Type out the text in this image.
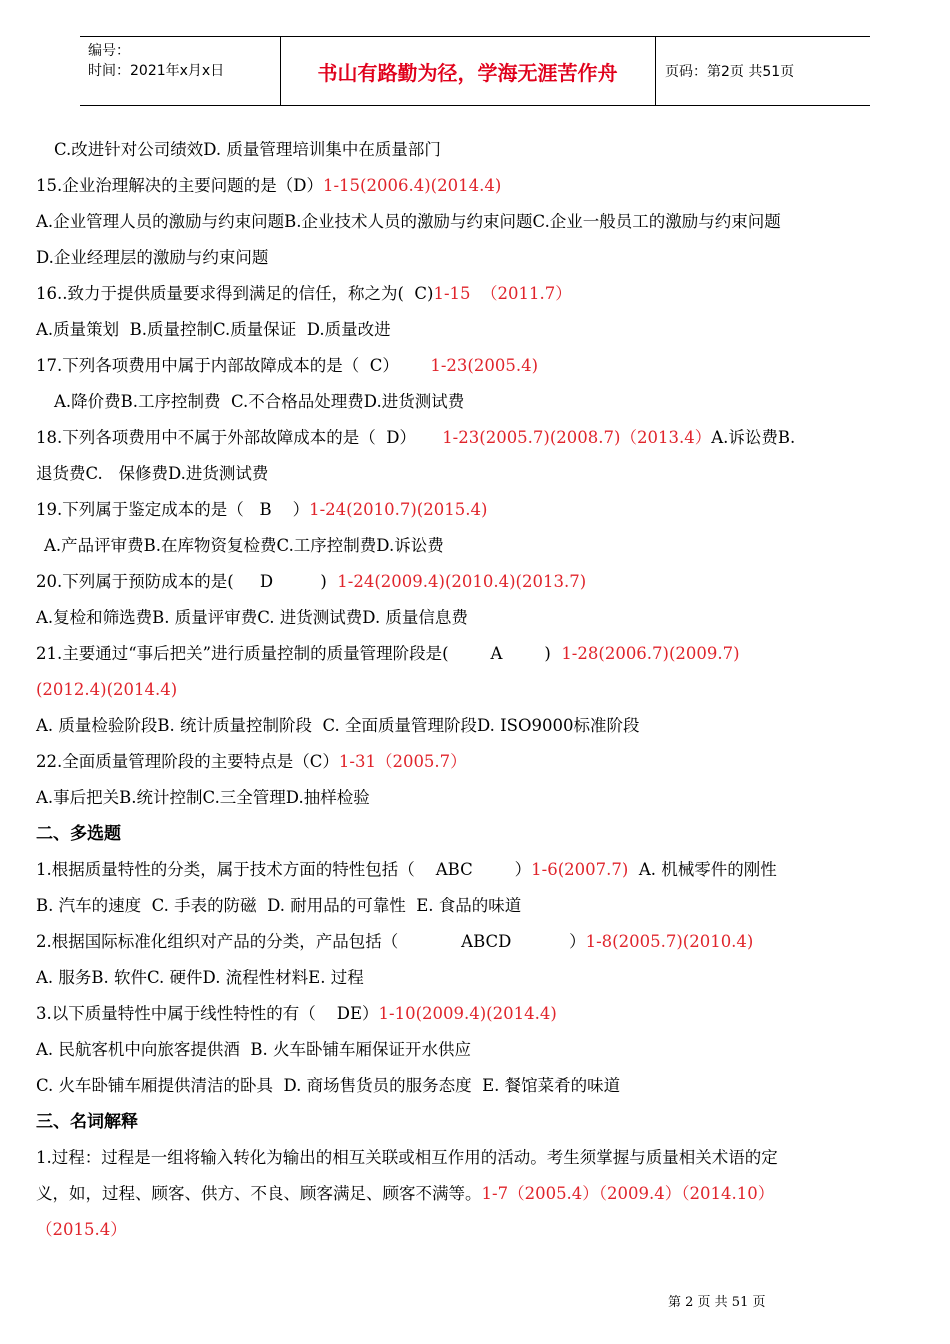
编号：
时间：2021年x月x日	书山有路勤为径，学海无涯苦作舟	页码：第2页 共51页
C.改进针对公司绩效D. 质量管理培训集中在质量部门
15.企业治理解决的主要问题的是（D）1-15(2006.4)(2014.4)
A.企业管理人员的激励与约束问题B.企业技术人员的激励与约束问题C.企业一般员工的激励与约束问题
D.企业经理层的激励与约束问题
16..致力于提供质量要求得到满足的信任，称之为(  C)1-15  （2011.7）
A.质量策划  B.质量控制C.质量保证  D.质量改进
17.下列各项费用中属于内部故障成本的是（  C）      1-23(2005.4)
A.降价费B.工序控制费  C.不合格品处理费D.进货测试费
18.下列各项费用中不属于外部故障成本的是（  D）     1-23(2005.7)(2008.7)（2013.4）A.诉讼费B.
退货费C.   保修费D.进货测试费
19.下列属于鉴定成本的是（   B    ）1-24(2010.7)(2015.4)
A.产品评审费B.在库物资复检费C.工序控制费D.诉讼费
20.下列属于预防成本的是(     D         )  1-24(2009.4)(2010.4)(2013.7)
A.复检和筛选费B. 质量评审费C. 进货测试费D. 质量信息费
21.主要通过“事后把关”进行质量控制的质量管理阶段是(        A        )  1-28(2006.7)(2009.7)
(2012.4)(2014.4)
A. 质量检验阶段B. 统计质量控制阶段  C. 全面质量管理阶段D. ISO9000标准阶段
22.全面质量管理阶段的主要特点是（C）1-31（2005.7）
A.事后把关B.统计控制C.三全管理D.抽样检验
二、多选题
1.根据质量特性的分类，属于技术方面的特性包括（    ABC        ）1-6(2007.7)  A. 机械零件的刚性
B. 汽车的速度  C. 手表的防磁  D. 耐用品的可靠性  E. 食品的味道
2.根据国际标准化组织对产品的分类，产品包括（            ABCD           ）1-8(2005.7)(2010.4)
A. 服务B. 软件C. 硬件D. 流程性材料E. 过程
3.以下质量特性中属于线性特性的有（    DE）1-10(2009.4)(2014.4)
A. 民航客机中向旅客提供酒  B. 火车卧铺车厢保证开水供应
C. 火车卧铺车厢提供清洁的卧具  D. 商场售货员的服务态度  E. 餐馆菜肴的味道
三、名词解释
1.过程：过程是一组将输入转化为输出的相互关联或相互作用的活动。考生须掌握与质量相关术语的定
义，如，过程、顾客、供方、不良、顾客满足、顾客不满等。1-7（2005.4）（2009.4）（2014.10）
（2015.4）
第 2 页 共 51 页
